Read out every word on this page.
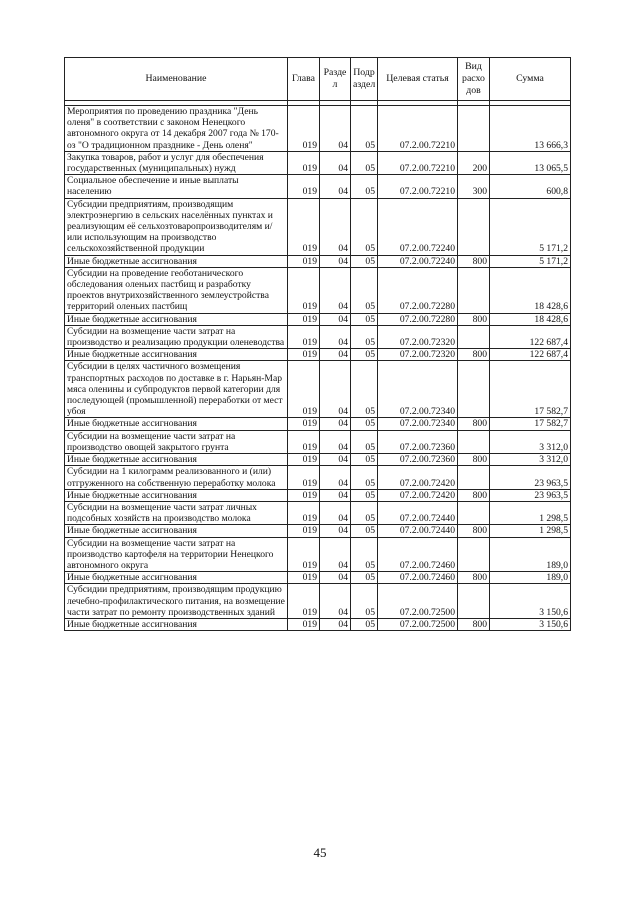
Наименование	Глава	Разде л	Подр аздел	Целевая статья	Вид расхо дов	Сумма

Мероприятия по проведению праздника "День оленя" в соответствии с законом Ненецкого автономного округа от 14 декабря 2007 года № 170-оз "О традиционном празднике - День оленя"	019	04	05	07.2.00.72210		13 666,3
Закупка товаров, работ и услуг для обеспечения государственных (муниципальных) нужд	019	04	05	07.2.00.72210	200	13 065,5
Социальное обеспечение и иные выплаты населению	019	04	05	07.2.00.72210	300	600,8
Субсидии предприятиям, производящим электроэнергию в сельских населённых пунктах и реализующим её сельхозтоваропроизводителям и/или использующим на производство сельскохозяйственной продукции	019	04	05	07.2.00.72240		5 171,2
Иные бюджетные ассигнования	019	04	05	07.2.00.72240	800	5 171,2
Субсидии на проведение геоботанического обследования оленьих пастбищ и разработку проектов внутрихозяйственного землеустройства территорий оленьих пастбищ	019	04	05	07.2.00.72280		18 428,6
Иные бюджетные ассигнования	019	04	05	07.2.00.72280	800	18 428,6
Субсидии на возмещение части затрат на производство и реализацию продукции оленеводства	019	04	05	07.2.00.72320		122 687,4
Иные бюджетные ассигнования	019	04	05	07.2.00.72320	800	122 687,4
Субсидии в целях частичного возмещения транспортных расходов по доставке в г. Нарьян-Мар мяса оленины и субпродуктов первой категории для последующей (промышленной) переработки от мест убоя	019	04	05	07.2.00.72340		17 582,7
Иные бюджетные ассигнования	019	04	05	07.2.00.72340	800	17 582,7
Субсидии на возмещение части затрат на производство овощей закрытого грунта	019	04	05	07.2.00.72360		3 312,0
Иные бюджетные ассигнования	019	04	05	07.2.00.72360	800	3 312,0
Субсидии на 1 килограмм реализованного и (или) отгруженного на собственную переработку молока	019	04	05	07.2.00.72420		23 963,5
Иные бюджетные ассигнования	019	04	05	07.2.00.72420	800	23 963,5
Субсидии на возмещение части затрат личных подсобных хозяйств на производство молока	019	04	05	07.2.00.72440		1 298,5
Иные бюджетные ассигнования	019	04	05	07.2.00.72440	800	1 298,5
Субсидии на возмещение части затрат на производство картофеля на территории Ненецкого автономного округа	019	04	05	07.2.00.72460		189,0
Иные бюджетные ассигнования	019	04	05	07.2.00.72460	800	189,0
Субсидии предприятиям, производящим продукцию лечебно-профилактического питания, на возмещение части затрат по ремонту производственных зданий	019	04	05	07.2.00.72500		3 150,6
Иные бюджетные ассигнования	019	04	05	07.2.00.72500	800	3 150,6
45
